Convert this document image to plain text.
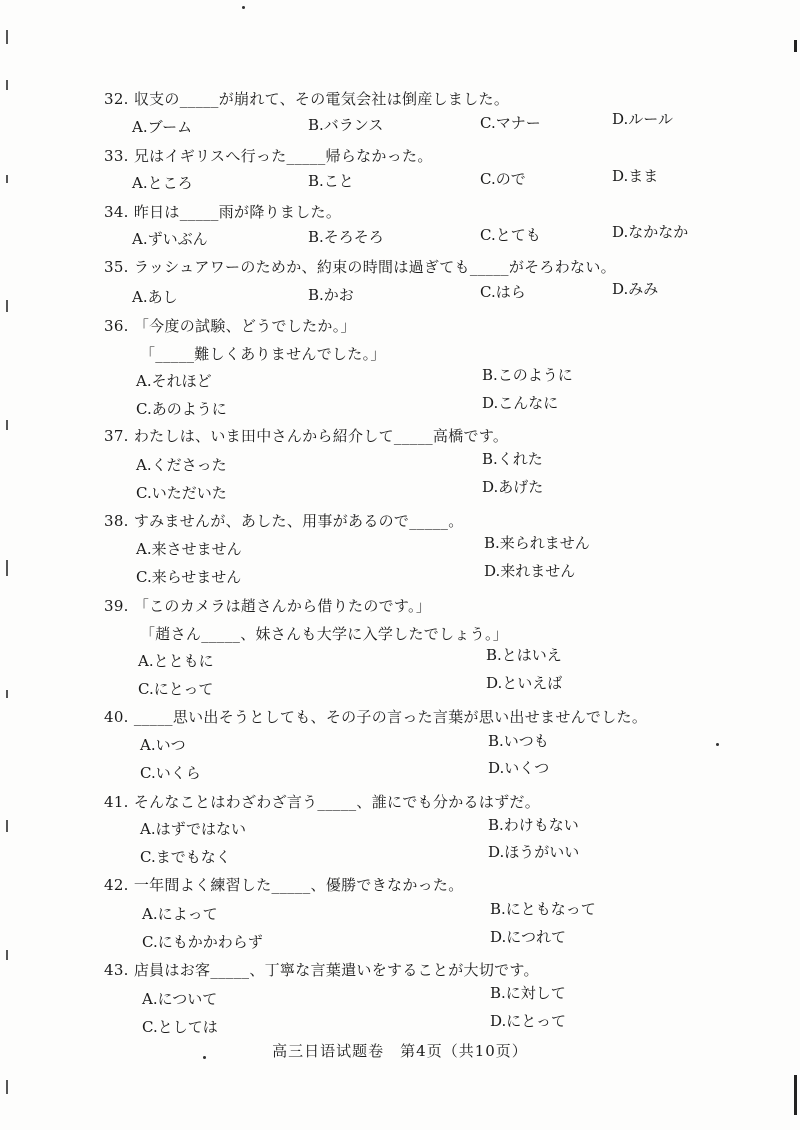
32. 収支の_____が崩れて、その電気会社は倒産しました。
A.ブーム	B.バランス	C.マナー	D.ルール
33. 兄はイギリスへ行った_____帰らなかった。
A.ところ	B.こと	C.ので	D.まま
34. 昨日は_____雨が降りました。
A.ずいぶん	B.そろそろ	C.とても	D.なかなか
35. ラッシュアワーのためか、約束の時間は過ぎても_____がそろわない。
A.あし	B.かお	C.はら	D.みみ
36. 「今度の試験、どうでしたか。」
「_____難しくありませんでした。」
A.それほど	B.このように
C.あのように	D.こんなに
37. わたしは、いま田中さんから紹介して_____高橋です。
A.くださった	B.くれた
C.いただいた	D.あげた
38. すみませんが、あした、用事があるので_____。
A.来させません	B.来られません
C.来らせません	D.来れません
39. 「このカメラは趙さんから借りたのです。」
「趙さん_____、妹さんも大学に入学したでしょう。」
A.とともに	B.とはいえ
C.にとって	D.といえば
40. _____思い出そうとしても、その子の言った言葉が思い出せませんでした。
A.いつ	B.いつも
C.いくら	D.いくつ
41. そんなことはわざわざ言う_____、誰にでも分かるはずだ。
A.はずではない	B.わけもない
C.までもなく	D.ほうがいい
42. 一年間よく練習した_____、優勝できなかった。
A.によって	B.にともなって
C.にもかかわらず	D.につれて
43. 店員はお客_____、丁寧な言葉遣いをすることが大切です。
A.について	B.に対して
C.としては	D.にとって
高三日语试题卷　第4页（共10页）
